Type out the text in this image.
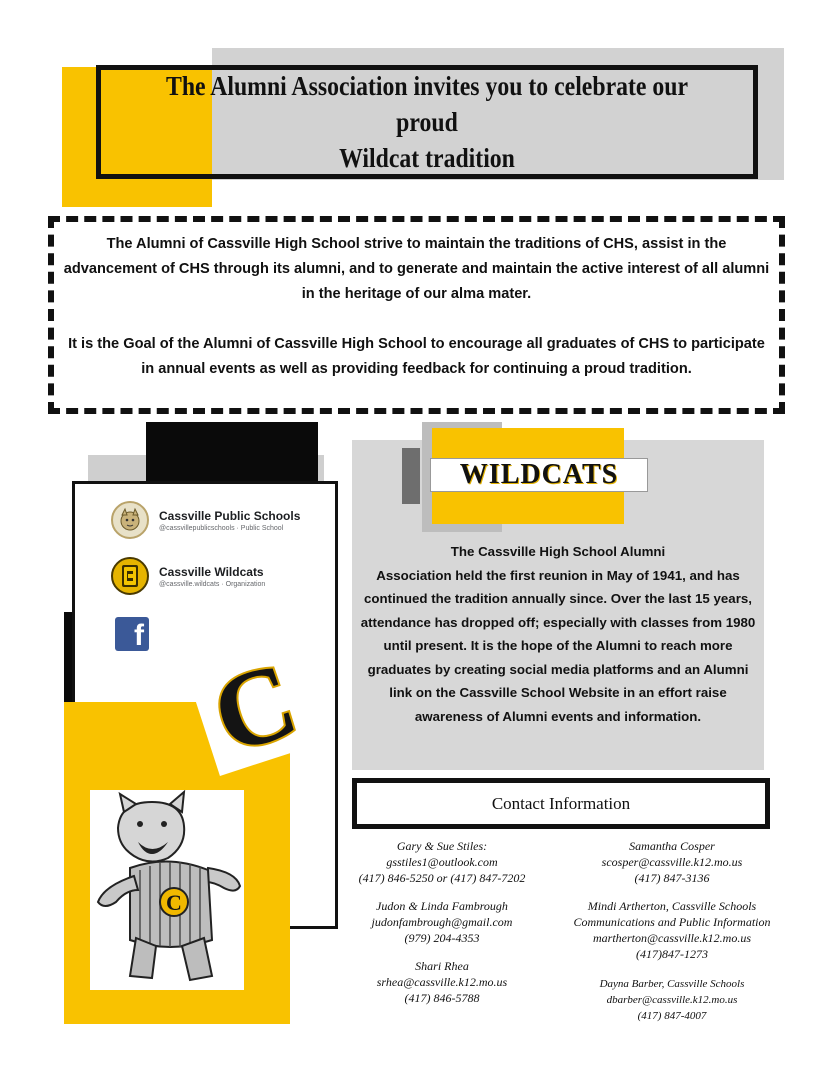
The Alumni Association invites you to celebrate our proud
Wildcat tradition

The Alumni of Cassville High School strive to maintain the traditions of CHS, assist in the advancement of CHS through its alumni, and to generate and maintain the active interest of all alumni in the heritage of our alma mater.

It is the Goal of the Alumni of Cassville High School to encourage all graduates of CHS to participate in annual events as well as providing feedback for continuing a proud tradition.

Cassville Public Schools
@cassvillepublicschools · Public School
Cassville Wildcats
@cassville.wildcats · Organization
f
C
C
WILDCATS
The Cassville High School Alumni
Association held the first reunion in May of 1941, and has continued the tradition annually since. Over the last 15 years, attendance has dropped off; especially with classes from 1980 until present. It is the hope of the Alumni to reach more graduates by creating social media platforms and an Alumni link on the Cassville School Website in an effort raise awareness of Alumni events and information.
Contact Information
Gary & Sue Stiles:
gsstiles1@outlook.com
(417) 846-5250 or (417) 847-7202
Judon & Linda Fambrough
judonfambrough@gmail.com
(979) 204-4353
Shari Rhea
srhea@cassville.k12.mo.us
(417) 846-5788
Samantha Cosper
scosper@cassville.k12.mo.us
(417) 847-3136
Mindi Artherton, Cassville Schools
Communications and Public Information
martherton@cassville.k12.mo.us
(417)847-1273
Dayna Barber, Cassville Schools
dbarber@cassville.k12.mo.us
(417) 847-4007
